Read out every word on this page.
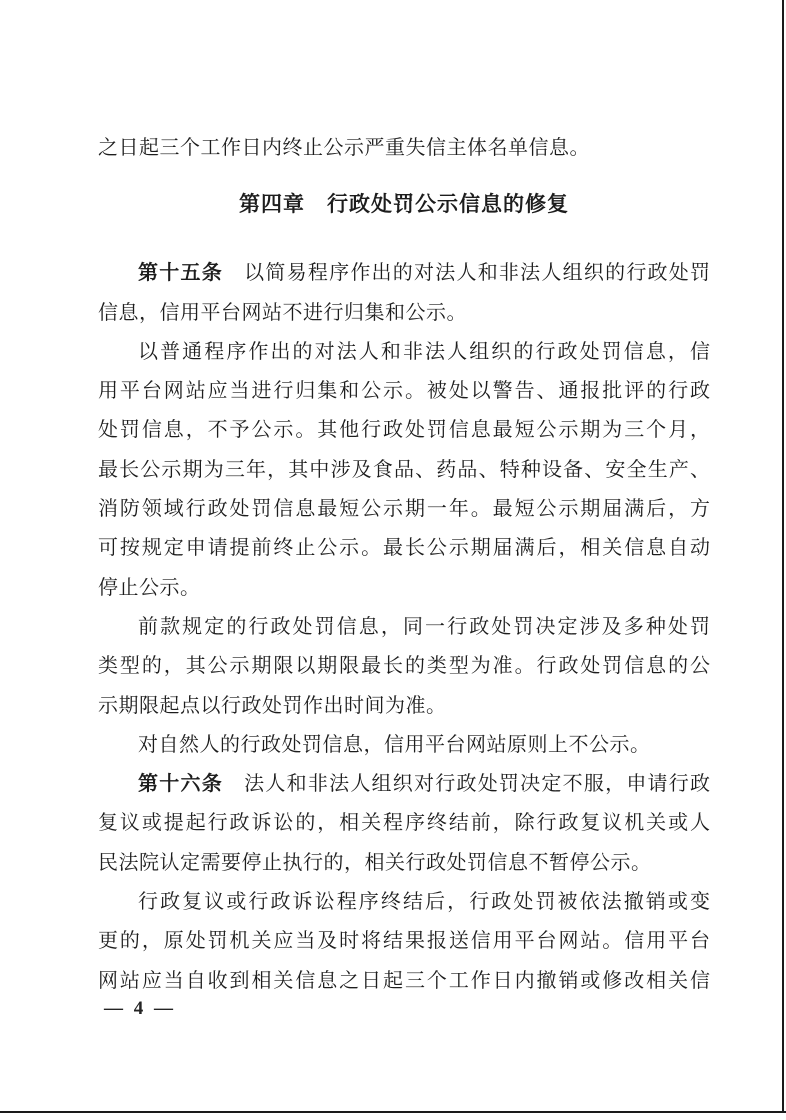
之日起三个工作日内终止公示严重失信主体名单信息。
第四章　行政处罚公示信息的修复
第十五条　以简易程序作出的对法人和非法人组织的行政处罚
信息，信用平台网站不进行归集和公示。
以普通程序作出的对法人和非法人组织的行政处罚信息，信
用平台网站应当进行归集和公示。被处以警告、通报批评的行政
处罚信息，不予公示。其他行政处罚信息最短公示期为三个月，
最长公示期为三年，其中涉及食品、药品、特种设备、安全生产、
消防领域行政处罚信息最短公示期一年。最短公示期届满后，方
可按规定申请提前终止公示。最长公示期届满后，相关信息自动
停止公示。
前款规定的行政处罚信息，同一行政处罚决定涉及多种处罚
类型的，其公示期限以期限最长的类型为准。行政处罚信息的公
示期限起点以行政处罚作出时间为准。
对自然人的行政处罚信息，信用平台网站原则上不公示。
第十六条　法人和非法人组织对行政处罚决定不服，申请行政
复议或提起行政诉讼的，相关程序终结前，除行政复议机关或人
民法院认定需要停止执行的，相关行政处罚信息不暂停公示。
行政复议或行政诉讼程序终结后，行政处罚被依法撤销或变
更的，原处罚机关应当及时将结果报送信用平台网站。信用平台
网站应当自收到相关信息之日起三个工作日内撤销或修改相关信
— 4 —
